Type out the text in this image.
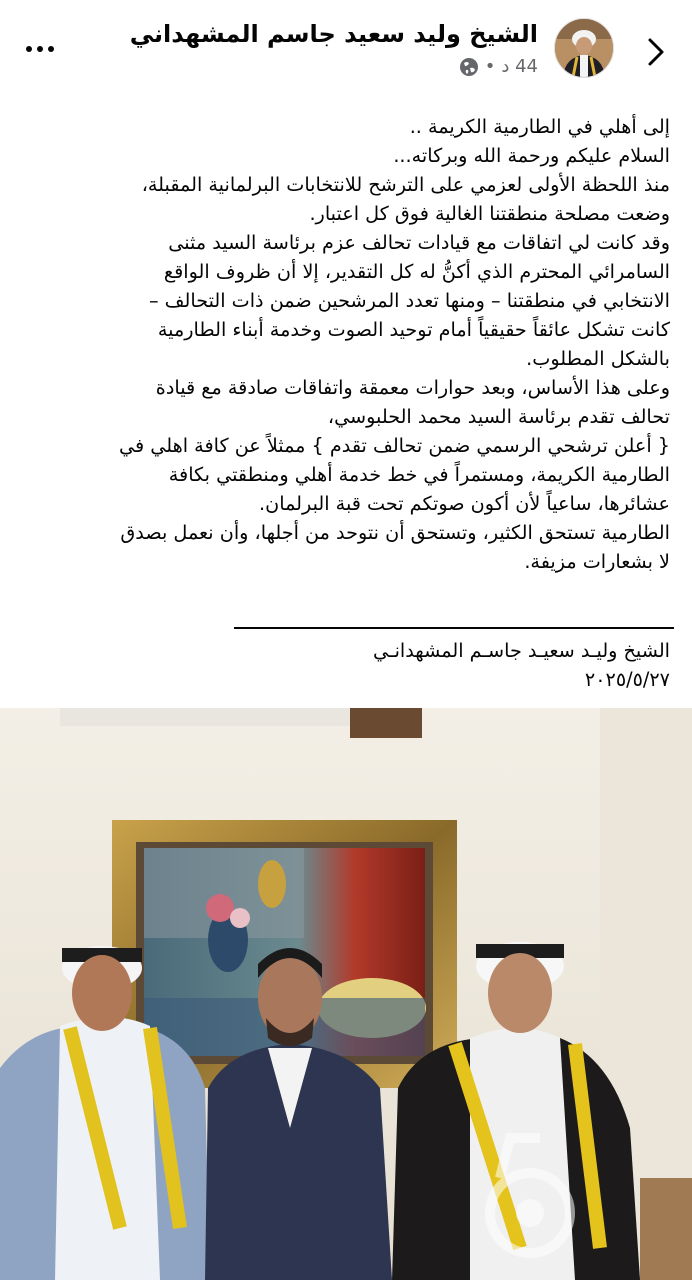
الشيخ وليد سعيد جاسم المشهداني
44 د
•

إلى أهلي في الطارمية الكريمة ..

السلام عليكم ورحمة الله وبركاته...

منذ اللحظة الأولى لعزمي على الترشح للانتخابات البرلمانية المقبلة،

وضعت مصلحة منطقتنا الغالية فوق كل اعتبار.

وقد كانت لي اتفاقات مع قيادات تحالف عزم برئاسة السيد مثنى

السامرائي المحترم الذي أكنُّ له كل التقدير، إلا أن ظروف الواقع

الانتخابي في منطقتنا – ومنها تعدد المرشحين ضمن ذات التحالف –

كانت تشكل عائقاً حقيقياً أمام توحيد الصوت وخدمة أبناء الطارمية

بالشكل المطلوب.

وعلى هذا الأساس، وبعد حوارات معمقة واتفاقات صادقة مع قيادة

تحالف تقدم برئاسة السيد محمد الحلبوسي،

{ أعلن ترشحي الرسمي ضمن تحالف تقدم } ممثلاً عن كافة اهلي في

الطارمية الكريمة، ومستمراً في خط خدمة أهلي ومنطقتي بكافة

عشائرها، ساعياً لأن أكون صوتكم تحت قبة البرلمان.

الطارمية تستحق الكثير، وتستحق أن نتوحد من أجلها، وأن نعمل بصدق

لا بشعارات مزيفة.

الشيخ وليـد سعيـد جاسـم المشهدانـي
٢٠٢٥/٥/٢٧
